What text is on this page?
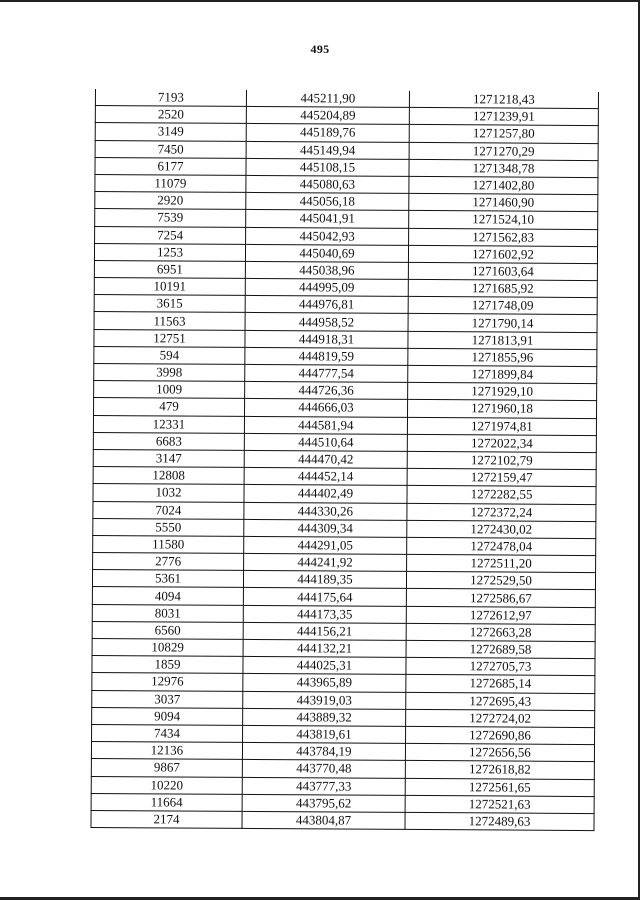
495
7193	445211,90	1271218,43
2520	445204,89	1271239,91
3149	445189,76	1271257,80
7450	445149,94	1271270,29
6177	445108,15	1271348,78
11079	445080,63	1271402,80
2920	445056,18	1271460,90
7539	445041,91	1271524,10
7254	445042,93	1271562,83
1253	445040,69	1271602,92
6951	445038,96	1271603,64
10191	444995,09	1271685,92
3615	444976,81	1271748,09
11563	444958,52	1271790,14
12751	444918,31	1271813,91
594	444819,59	1271855,96
3998	444777,54	1271899,84
1009	444726,36	1271929,10
479	444666,03	1271960,18
12331	444581,94	1271974,81
6683	444510,64	1272022,34
3147	444470,42	1272102,79
12808	444452,14	1272159,47
1032	444402,49	1272282,55
7024	444330,26	1272372,24
5550	444309,34	1272430,02
11580	444291,05	1272478,04
2776	444241,92	1272511,20
5361	444189,35	1272529,50
4094	444175,64	1272586,67
8031	444173,35	1272612,97
6560	444156,21	1272663,28
10829	444132,21	1272689,58
1859	444025,31	1272705,73
12976	443965,89	1272685,14
3037	443919,03	1272695,43
9094	443889,32	1272724,02
7434	443819,61	1272690,86
12136	443784,19	1272656,56
9867	443770,48	1272618,82
10220	443777,33	1272561,65
11664	443795,62	1272521,63
2174	443804,87	1272489,63
